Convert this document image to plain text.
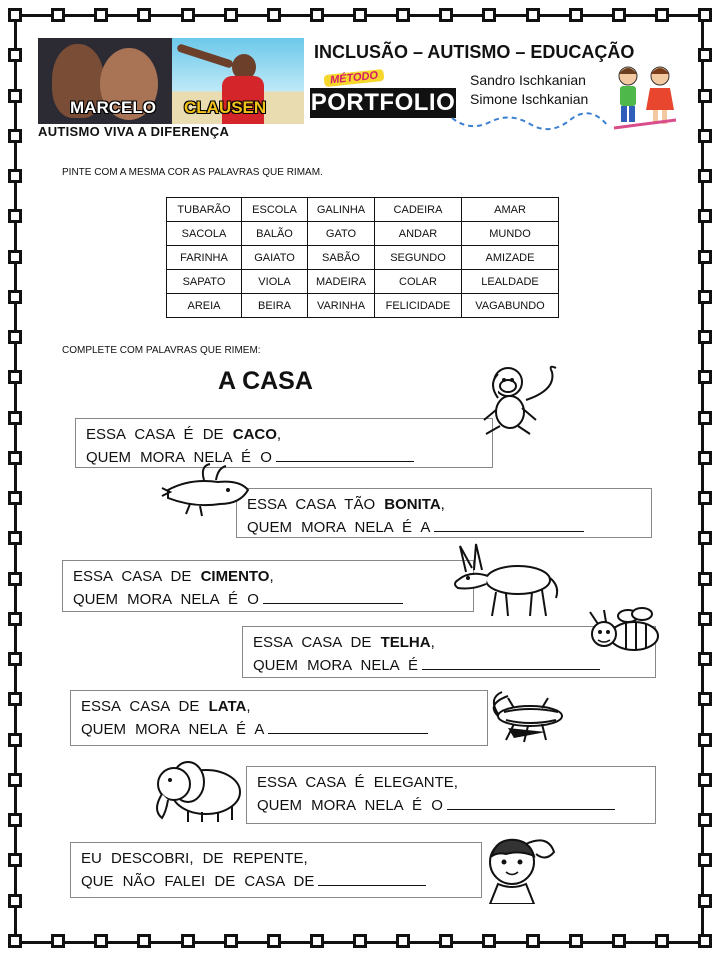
MARCELO CLAUSEN
AUTISMO VIVA A DIFERENÇA
INCLUSÃO – AUTISMO – EDUCAÇÃO
PORTFOLIO
MÉTODO	Sandro Ischkanian
Simone Ischkanian
PINTE COM A MESMA COR AS PALAVRAS QUE RIMAM.
TUBARÃO	ESCOLA	GALINHA	CADEIRA	AMAR
SACOLA	BALÃO	GATO	ANDAR	MUNDO
FARINHA	GAIATO	SABÃO	SEGUNDO	AMIZADE
SAPATO	VIOLA	MADEIRA	COLAR	LEALDADE
AREIA	BEIRA	VARINHA	FELICIDADE	VAGABUNDO
COMPLETE COM PALAVRAS QUE RIMEM:
A CASA
ESSA CASA É DE CACO,
QUEM MORA NELA É O
ESSA CASA TÃO BONITA,
QUEM MORA NELA É A
ESSA CASA DE CIMENTO,
QUEM MORA NELA É O
ESSA CASA DE TELHA,
QUEM MORA NELA É
ESSA CASA DE LATA,
QUEM MORA NELA É A
ESSA CASA É ELEGANTE,
QUEM MORA NELA É O
EU DESCOBRI, DE REPENTE,
QUE NÃO FALEI DE CASA DE
